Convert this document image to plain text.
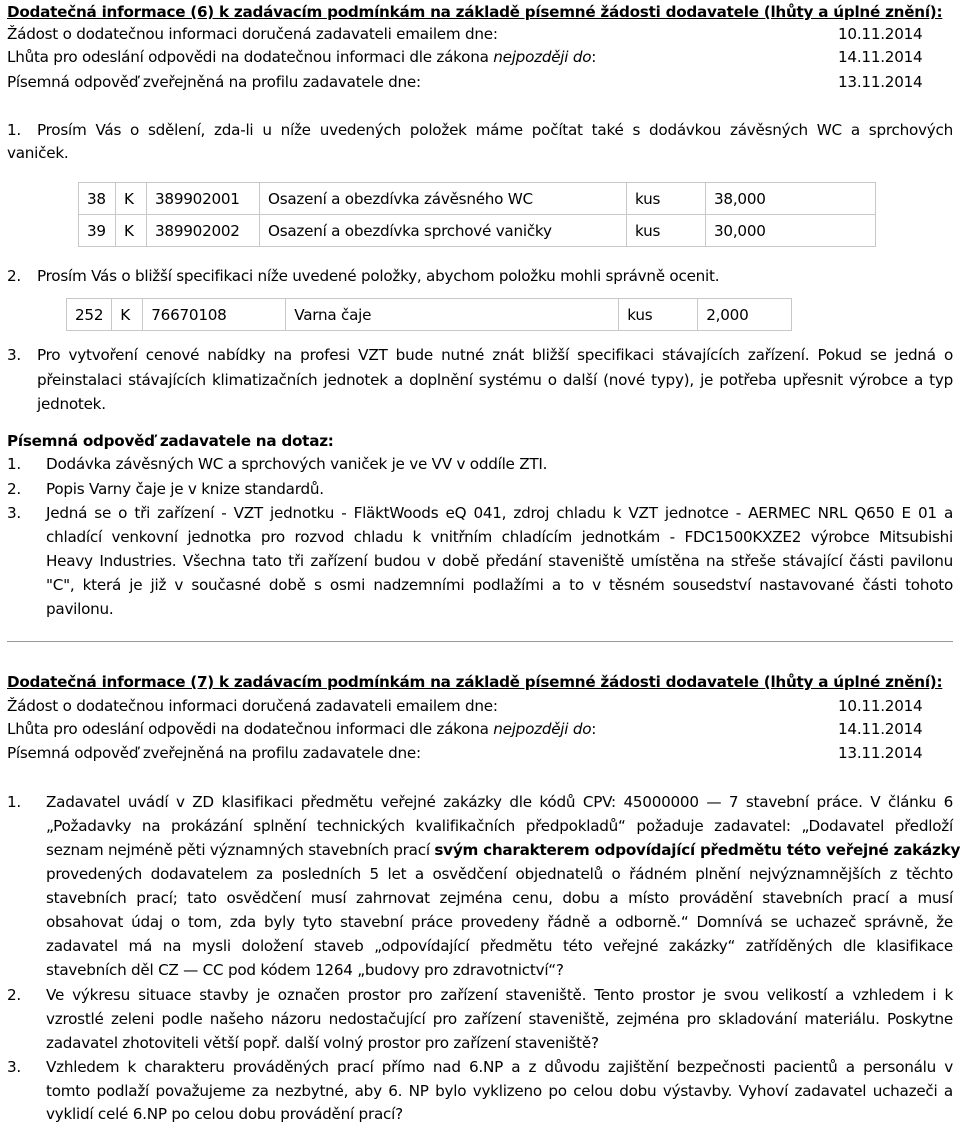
Dodatečná informace (6) k zadávacím podmínkám na základě písemné žádosti dodavatele (lhůty a úplné znění):
Žádost o dodatečnou informaci doručená zadavateli emailem dne:	10.11.2014
Lhůta pro odeslání odpovědi na dodatečnou informaci dle zákona nejpozději do:	14.11.2014
Písemná odpověď zveřejněná na profilu zadavatele dne:	13.11.2014
1. Prosím Vás o sdělení, zda-li u níže uvedených položek máme počítat také s dodávkou závěsných WC a sprchových
vaniček.
38	K	389902001	Osazení a obezdívka závěsného WC	kus	38,000
39	K	389902002	Osazení a obezdívka sprchové vaničky	kus	30,000
2. Prosím Vás o bližší specifikaci níže uvedené položky, abychom položku mohli správně ocenit.
252	K	76670108	Varna čaje	kus	2,000
3. Pro vytvoření cenové nabídky na profesi VZT bude nutné znát bližší specifikaci stávajících zařízení. Pokud se jedná o
přeinstalaci stávajících klimatizačních jednotek a doplnění systému o další (nové typy), je potřeba upřesnit výrobce a typ
jednotek.
Písemná odpověď zadavatele na dotaz:
1. Dodávka závěsných WC a sprchových vaniček je ve VV v oddíle ZTI.
2. Popis Varny čaje je v knize standardů.
3. Jedná se o tři zařízení - VZT jednotku - FläktWoods eQ 041, zdroj chladu k VZT jednotce - AERMEC NRL Q650 E 01 a
chladící venkovní jednotka pro rozvod chladu k vnitřním chladícím jednotkám - FDC1500KXZE2 výrobce Mitsubishi
Heavy Industries. Všechna tato tři zařízení budou v době předání staveniště umístěna na střeše stávající části pavilonu
"C", která je již v současné době s osmi nadzemními podlažími a to v těsném sousedství nastavované části tohoto
pavilonu.
Dodatečná informace (7) k zadávacím podmínkám na základě písemné žádosti dodavatele (lhůty a úplné znění):
Žádost o dodatečnou informaci doručená zadavateli emailem dne:	10.11.2014
Lhůta pro odeslání odpovědi na dodatečnou informaci dle zákona nejpozději do:	14.11.2014
Písemná odpověď zveřejněná na profilu zadavatele dne:	13.11.2014
1. Zadavatel uvádí v ZD klasifikaci předmětu veřejné zakázky dle kódů CPV: 45000000 — 7 stavební práce. V článku 6
„Požadavky na prokázání splnění technických kvalifikačních předpokladů“ požaduje zadavatel: „Dodavatel předloží
seznam nejméně pěti významných stavebních prací svým charakterem odpovídající předmětu této veřejné zakázky
provedených dodavatelem za posledních 5 let a osvědčení objednatelů o řádném plnění nejvýznamnějších z těchto
stavebních prací; tato osvědčení musí zahrnovat zejména cenu, dobu a místo provádění stavebních prací a musí
obsahovat údaj o tom, zda byly tyto stavební práce provedeny řádně a odborně.“ Domnívá se uchazeč správně, že
zadavatel má na mysli doložení staveb „odpovídající předmětu této veřejné zakázky“ zatříděných dle klasifikace
stavebních děl CZ — CC pod kódem 1264 „budovy pro zdravotnictví“?
2. Ve výkresu situace stavby je označen prostor pro zařízení staveniště. Tento prostor je svou velikostí a vzhledem i k
vzrostlé zeleni podle našeho názoru nedostačující pro zařízení staveniště, zejména pro skladování materiálu. Poskytne
zadavatel zhotoviteli větší popř. další volný prostor pro zařízení staveniště?
3. Vzhledem k charakteru prováděných prací přímo nad 6.NP a z důvodu zajištění bezpečnosti pacientů a personálu v
tomto podlaží považujeme za nezbytné, aby 6. NP bylo vyklizeno po celou dobu výstavby. Vyhoví zadavatel uchazeči a
vyklidí celé 6.NP po celou dobu provádění prací?
